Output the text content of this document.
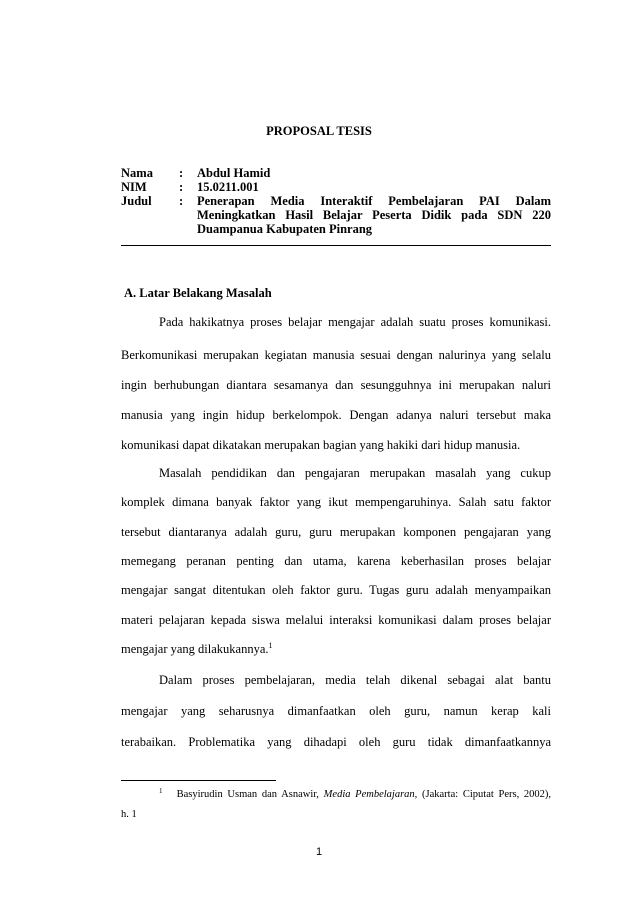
PROPOSAL TESIS
Nama	:	Abdul Hamid
NIM	:	15.0211.001
Judul	:	Penerapan Media Interaktif Pembelajaran PAI Dalam Meningkatkan Hasil Belajar Peserta Didik pada SDN 220 Duampanua Kabupaten Pinrang
A. Latar Belakang Masalah
Pada hakikatnya proses belajar mengajar adalah suatu proses komunikasi.
Berkomunikasi merupakan kegiatan manusia sesuai dengan nalurinya yang selalu
ingin berhubungan diantara sesamanya dan sesungguhnya ini merupakan naluri
manusia yang ingin hidup berkelompok. Dengan adanya naluri tersebut maka
komunikasi dapat dikatakan merupakan bagian yang hakiki dari hidup manusia.
Masalah pendidikan dan pengajaran merupakan masalah yang cukup
komplek dimana banyak faktor yang ikut mempengaruhinya. Salah satu faktor
tersebut diantaranya adalah guru, guru merupakan komponen pengajaran yang
memegang peranan penting dan utama, karena keberhasilan proses belajar
mengajar sangat ditentukan oleh faktor guru. Tugas guru adalah menyampaikan
materi pelajaran kepada siswa melalui interaksi komunikasi dalam proses belajar
mengajar yang dilakukannya.$^1$
Dalam proses pembelajaran, media telah dikenal sebagai alat bantu
mengajar yang seharusnya dimanfaatkan oleh guru, namun kerap kali
terabaikan. Problematika yang dihadapi oleh guru tidak dimanfaatkannya
$^1$ Basyirudin Usman dan Asnawir, Media Pembelajaran, (Jakarta: Ciputat Pers, 2002),
h. 1
1
